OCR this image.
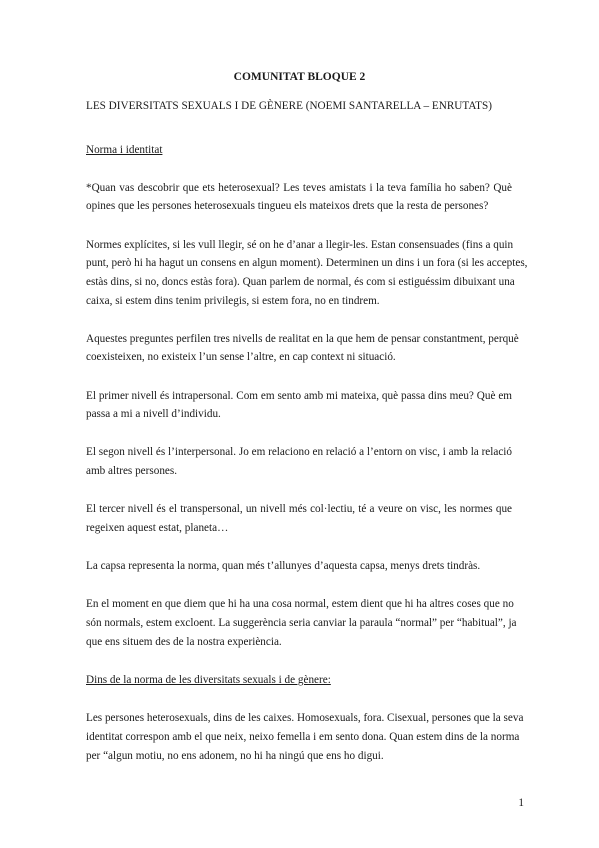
COMUNITAT BLOQUE 2
LES DIVERSITATS SEXUALS I DE GÈNERE (NOEMI SANTARELLA – ENRUTATS)
Norma i identitat
*Quan vas descobrir que ets heterosexual? Les teves amistats i la teva família ho saben? Què
opines que les persones heterosexuals tingueu els mateixos drets que la resta de persones?
Normes explícites, si les vull llegir, sé on he d’anar a llegir-les. Estan consensuades (fins a quin
punt, però hi ha hagut un consens en algun moment). Determinen un dins i un fora (si les acceptes,
estàs dins, si no, doncs estàs fora). Quan parlem de normal, és com si estiguéssim dibuixant una
caixa, si estem dins tenim privilegis, si estem fora, no en tindrem.
Aquestes preguntes perfilen tres nivells de realitat en la que hem de pensar constantment, perquè
coexisteixen, no existeix l’un sense l’altre, en cap context ni situació.
El primer nivell és intrapersonal. Com em sento amb mi mateixa, què passa dins meu? Què em
passa a mi a nivell d’individu.
El segon nivell és l’interpersonal. Jo em relaciono en relació a l’entorn on visc, i amb la relació
amb altres persones.
El tercer nivell és el transpersonal, un nivell més col·lectiu, té a veure on visc, les normes que
regeixen aquest estat, planeta…
La capsa representa la norma, quan més t’allunyes d’aquesta capsa, menys drets tindràs.
En el moment en que diem que hi ha una cosa normal, estem dient que hi ha altres coses que no
són normals, estem excloent. La suggerència seria canviar la paraula “normal” per “habitual”, ja
que ens situem des de la nostra experiència.
Dins de la norma de les diversitats sexuals i de gènere:
Les persones heterosexuals, dins de les caixes. Homosexuals, fora. Cisexual, persones que la seva
identitat correspon amb el que neix, neixo femella i em sento dona. Quan estem dins de la norma
per “algun motiu, no ens adonem, no hi ha ningú que ens ho digui.
1
